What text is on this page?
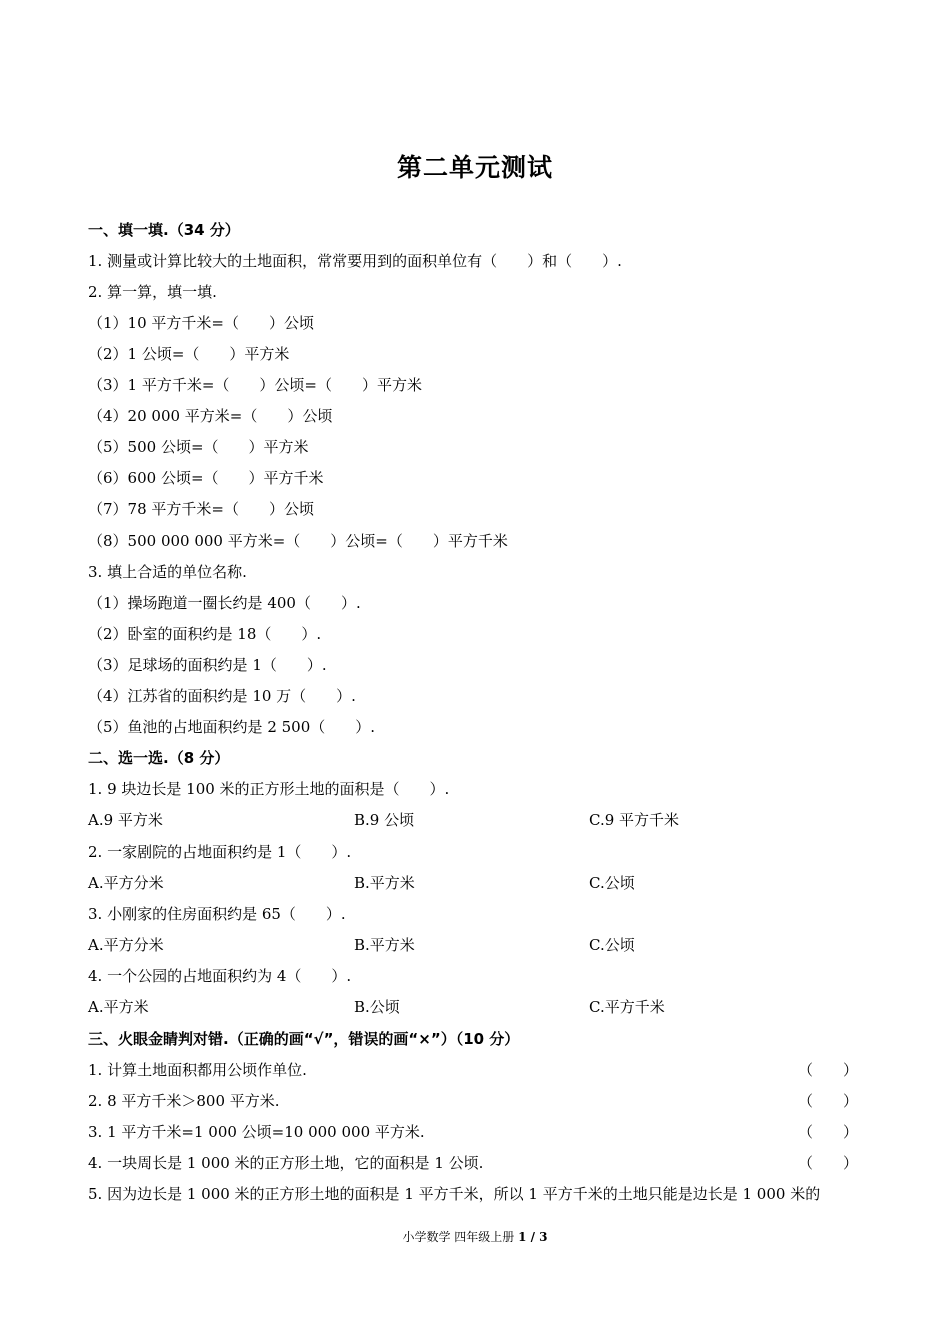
第二单元测试
一、填一填.（34 分）
1. 测量或计算比较大的土地面积，常常要用到的面积单位有（　　）和（　　）.
2. 算一算，填一填.
（1）10 平方千米=（　　）公顷
（2）1 公顷=（　　）平方米
（3）1 平方千米=（　　）公顷=（　　）平方米
（4）20 000 平方米=（　　）公顷
（5）500 公顷=（　　）平方米
（6）600 公顷=（　　）平方千米
（7）78 平方千米=（　　）公顷
（8）500 000 000 平方米=（　　）公顷=（　　）平方千米
3. 填上合适的单位名称.
（1）操场跑道一圈长约是 400（　　）.
（2）卧室的面积约是 18（　　）.
（3）足球场的面积约是 1（　　）.
（4）江苏省的面积约是 10 万（　　）.
（5）鱼池的占地面积约是 2 500（　　）.
二、选一选.（8 分）
1. 9 块边长是 100 米的正方形土地的面积是（　　）.
A.9 平方米	B.9 公顷	C.9 平方千米
2. 一家剧院的占地面积约是 1（　　）.
A.平方分米	B.平方米	C.公顷
3. 小刚家的住房面积约是 65（　　）.
A.平方分米	B.平方米	C.公顷
4. 一个公园的占地面积约为 4（　　）.
A.平方米	B.公顷	C.平方千米
三、火眼金睛判对错.（正确的画“√”，错误的画“×”）（10 分）
1. 计算土地面积都用公顷作单位.	（　　）
2. 8 平方千米＞800 平方米.	（　　）
3. 1 平方千米=1 000 公顷=10 000 000 平方米.	（　　）
4. 一块周长是 1 000 米的正方形土地，它的面积是 1 公顷.	（　　）
5. 因为边长是 1 000 米的正方形土地的面积是 1 平方千米，所以 1 平方千米的土地只能是边长是 1 000 米的
小学数学 四年级上册 1 / 3
